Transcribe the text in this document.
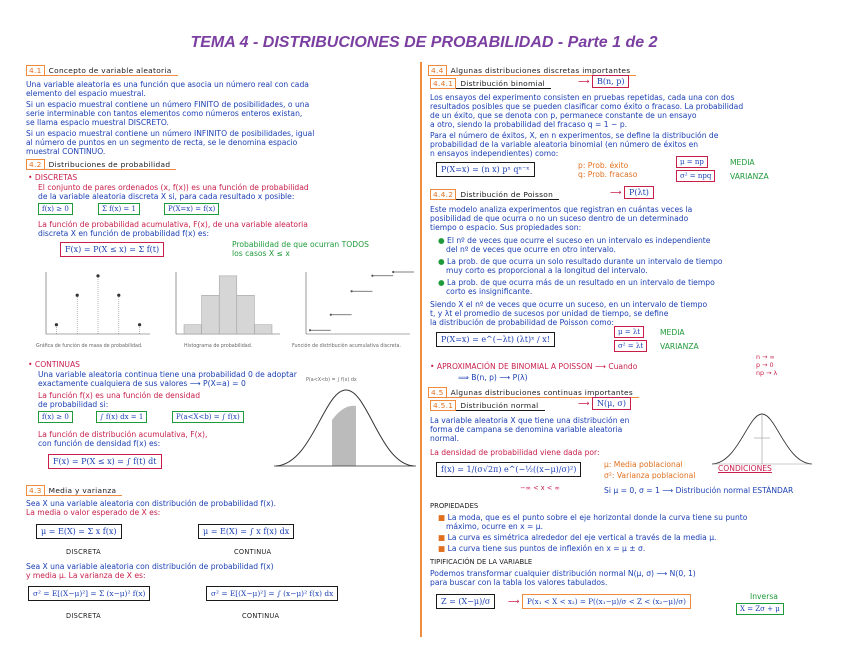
TEMA 4 - DISTRIBUCIONES DE PROBABILIDAD - Parte 1 de 2
4.1 Concepto de variable aleatoria
Una variable aleatoria es una función que asocia un número real con cada
elemento del espacio muestral.
Si un espacio muestral contiene un número FINITO de posibilidades, o una
serie interminable con tantos elementos como números enteros existan,
se llama espacio muestral DISCRETO.
Si un espacio muestral contiene un número INFINITO de posibilidades, igual
al número de puntos en un segmento de recta, se le denomina espacio
muestral CONTINUO.
4.2 Distribuciones de probabilidad
• DISCRETAS
El conjunto de pares ordenados (x, f(x)) es una función de probabilidad
de la variable aleatoria discreta X si, para cada resultado x posible:
f(x) ≥ 0	Σ f(x) = 1	P(X=x) = f(x)
La función de probabilidad acumulativa, F(x), de una variable aleatoria
discreta X en función de probabilidad f(x) es:
F(x) = P(X ≤ x) = Σ f(t)
Probabilidad de que ocurran TODOS
los casos X ≤ x
Gráfica de función de masa de probabilidad.	Histograma de probabilidad.	Función de distribución acumulativa discreta.
• CONTINUAS
Una variable aleatoria continua tiene una probabilidad 0 de adoptar
exactamente cualquiera de sus valores ⟶ P(X=a) = 0
La función f(x) es una función de densidad
de probabilidad si:
f(x) ≥ 0	∫ f(x) dx = 1	P(a<X<b) = ∫ f(x)
La función de distribución acumulativa, F(x),
con función de densidad f(x) es:
F(x) = P(X ≤ x) = ∫ f(t) dt
P(a<X<b) = ∫ f(x) dx
4.3 Media y varianza
Sea X una variable aleatoria con distribución de probabilidad f(x).
La media o valor esperado de X es:
μ = E(X) = Σ x f(x)	μ = E(X) = ∫ x f(x) dx
DISCRETA	CONTINUA
Sea X una variable aleatoria con distribución de probabilidad f(x)
y media μ. La varianza de X es:
σ² = E[(X−μ)²] = Σ (x−μ)² f(x)	σ² = E[(X−μ)²] = ∫ (x−μ)² f(x) dx
DISCRETA	CONTINUA
4.4 Algunas distribuciones discretas importantes
4.4.1 Distribución binomial	⟶ B(n, p)
Los ensayos del experimento consisten en pruebas repetidas, cada una con dos
resultados posibles que se pueden clasificar como éxito o fracaso. La probabilidad
de un éxito, que se denota con p, permanece constante de un ensayo
a otro, siendo la probabilidad del fracaso q = 1 − p.
Para el número de éxitos, X, en n experimentos, se define la distribución de
probabilidad de la variable aleatoria binomial (en número de éxitos en
n ensayos independientes) como:
P(X=x) = (n x) pˣ qⁿ⁻ˣ	p: Prob. éxito
q: Prob. fracaso
μ = np
σ² = npq
MEDIA
VARIANZA
4.4.2 Distribución de Poisson	⟶ P(λt)
Este modelo analiza experimentos que registran en cuántas veces la
posibilidad de que ocurra o no un suceso dentro de un determinado
tiempo o espacio. Sus propiedades son:
● El nº de veces que ocurre el suceso en un intervalo es independiente
del nº de veces que ocurre en otro intervalo.
● La prob. de que ocurra un solo resultado durante un intervalo de tiempo
muy corto es proporcional a la longitud del intervalo.
● La prob. de que ocurra más de un resultado en un intervalo de tiempo
corto es insignificante.
Siendo X el nº de veces que ocurre un suceso, en un intervalo de tiempo
t, y λt el promedio de sucesos por unidad de tiempo, se define
la distribución de probabilidad de Poisson como:
P(X=x) = e^(−λt) (λt)ˣ / x!
μ = λt
σ² = λt
MEDIA
VARIANZA
• APROXIMACIÓN DE BINOMIAL A POISSON ⟶ Cuando
⟹ B(n, p) ⟶ P(λ)
n → ∞
p → 0
np → λ
4.5 Algunas distribuciones continuas importantes
4.5.1 Distribución normal	⟶ N(μ, σ)
La variable aleatoria X que tiene una distribución en
forma de campana se denomina variable aleatoria
normal.
La densidad de probabilidad viene dada por:
f(x) = 1/(σ√2π) e^(−½((x−μ)/σ)²)
−∞ < x < ∞
μ: Media poblacional
σ²: Varianza poblacional
CONDICIONES
Si μ = 0, σ = 1 ⟶ Distribución normal ESTÁNDAR
PROPIEDADES
■ La moda, que es el punto sobre el eje horizontal donde la curva tiene su punto
máximo, ocurre en x = μ.
■ La curva es simétrica alrededor del eje vertical a través de la media μ.
■ La curva tiene sus puntos de inflexión en x = μ ± σ.
TIPIFICACIÓN DE LA VARIABLE
Podemos transformar cualquier distribución normal N(μ, σ) ⟶ N(0, 1)
para buscar con la tabla los valores tabulados.
Z = (X−μ)/σ	⟶	P(x₁ < X < x₂) = P((x₁−μ)/σ < Z < (x₂−μ)/σ)
Inversa
X = Zσ + μ
